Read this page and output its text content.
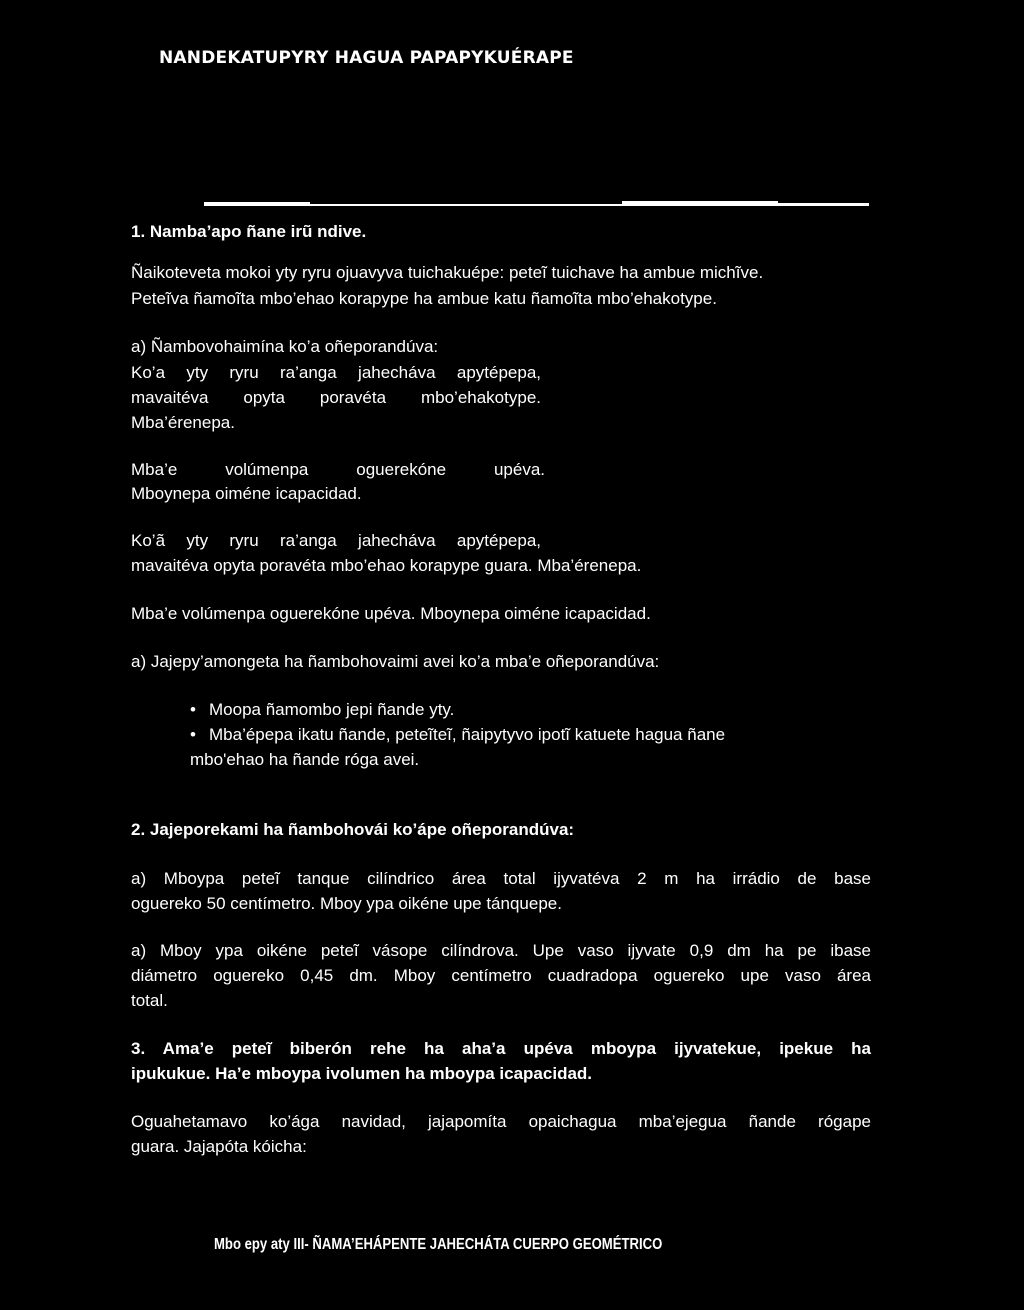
NANDEKATUPYRY HAGUA PAPAPYKUÉRAPE
1. Namba’apo ñane irũ ndive.
Ñaikoteveta mokoi yty ryru ojuavyva tuichakuépe: peteĩ tuichave ha ambue michĩve.
Peteĩva ñamoĩta mbo’ehao korapype ha ambue katu ñamoĩta mbo’ehakotype.
a) Ñambovohaimína ko’a oñeporandúva:
Ko’a yty ryru ra’anga jahecháva apytépepa,
mavaitéva opyta poravéta mbo’ehakotype.
Mba’érenepa.
Mba’e volúmenpa oguerekóne upéva.
Mboynepa oiméne icapacidad.
Ko’ã yty ryru ra’anga jahecháva apytépepa,
mavaitéva opyta poravéta mbo’ehao korapype guara. Mba’érenepa.
Mba’e volúmenpa oguerekóne upéva. Mboynepa oiméne icapacidad.
a) Jajepy’amongeta ha ñambohovaimi avei ko’a mba’e oñeporandúva:
• Moopa ñamombo jepi ñande yty.
• Mba’épepa ikatu ñande, peteĩteĩ, ñaipytyvo ipotĩ katuete hagua ñane
mbo'ehao ha ñande róga avei.
2. Jajeporekami ha ñambohovái ko’ápe oñeporandúva:
a) Mboypa peteĩ tanque cilíndrico área total ijyvatéva 2 m ha irrádio de base
oguereko 50 centímetro. Mboy ypa oikéne upe tánquepe.
a) Mboy ypa oikéne peteĩ vásope cilíndrova. Upe vaso ijyvate 0,9 dm ha pe ibase
diámetro oguereko 0,45 dm. Mboy centímetro cuadradopa oguereko upe vaso área
total.
3. Ama’e peteĩ biberón rehe ha aha’a upéva mboypa ijyvatekue, ipekue ha
ipukukue. Ha’e mboypa ivolumen ha mboypa icapacidad.
Oguahetamavo ko’ága navidad, jajapomíta opaichagua mba’ejegua ñande rógape
guara. Jajapóta kóicha:
Mbo epy aty III- ÑAMA’EHÁPENTE JAHECHÁTA CUERPO GEOMÉTRICO
